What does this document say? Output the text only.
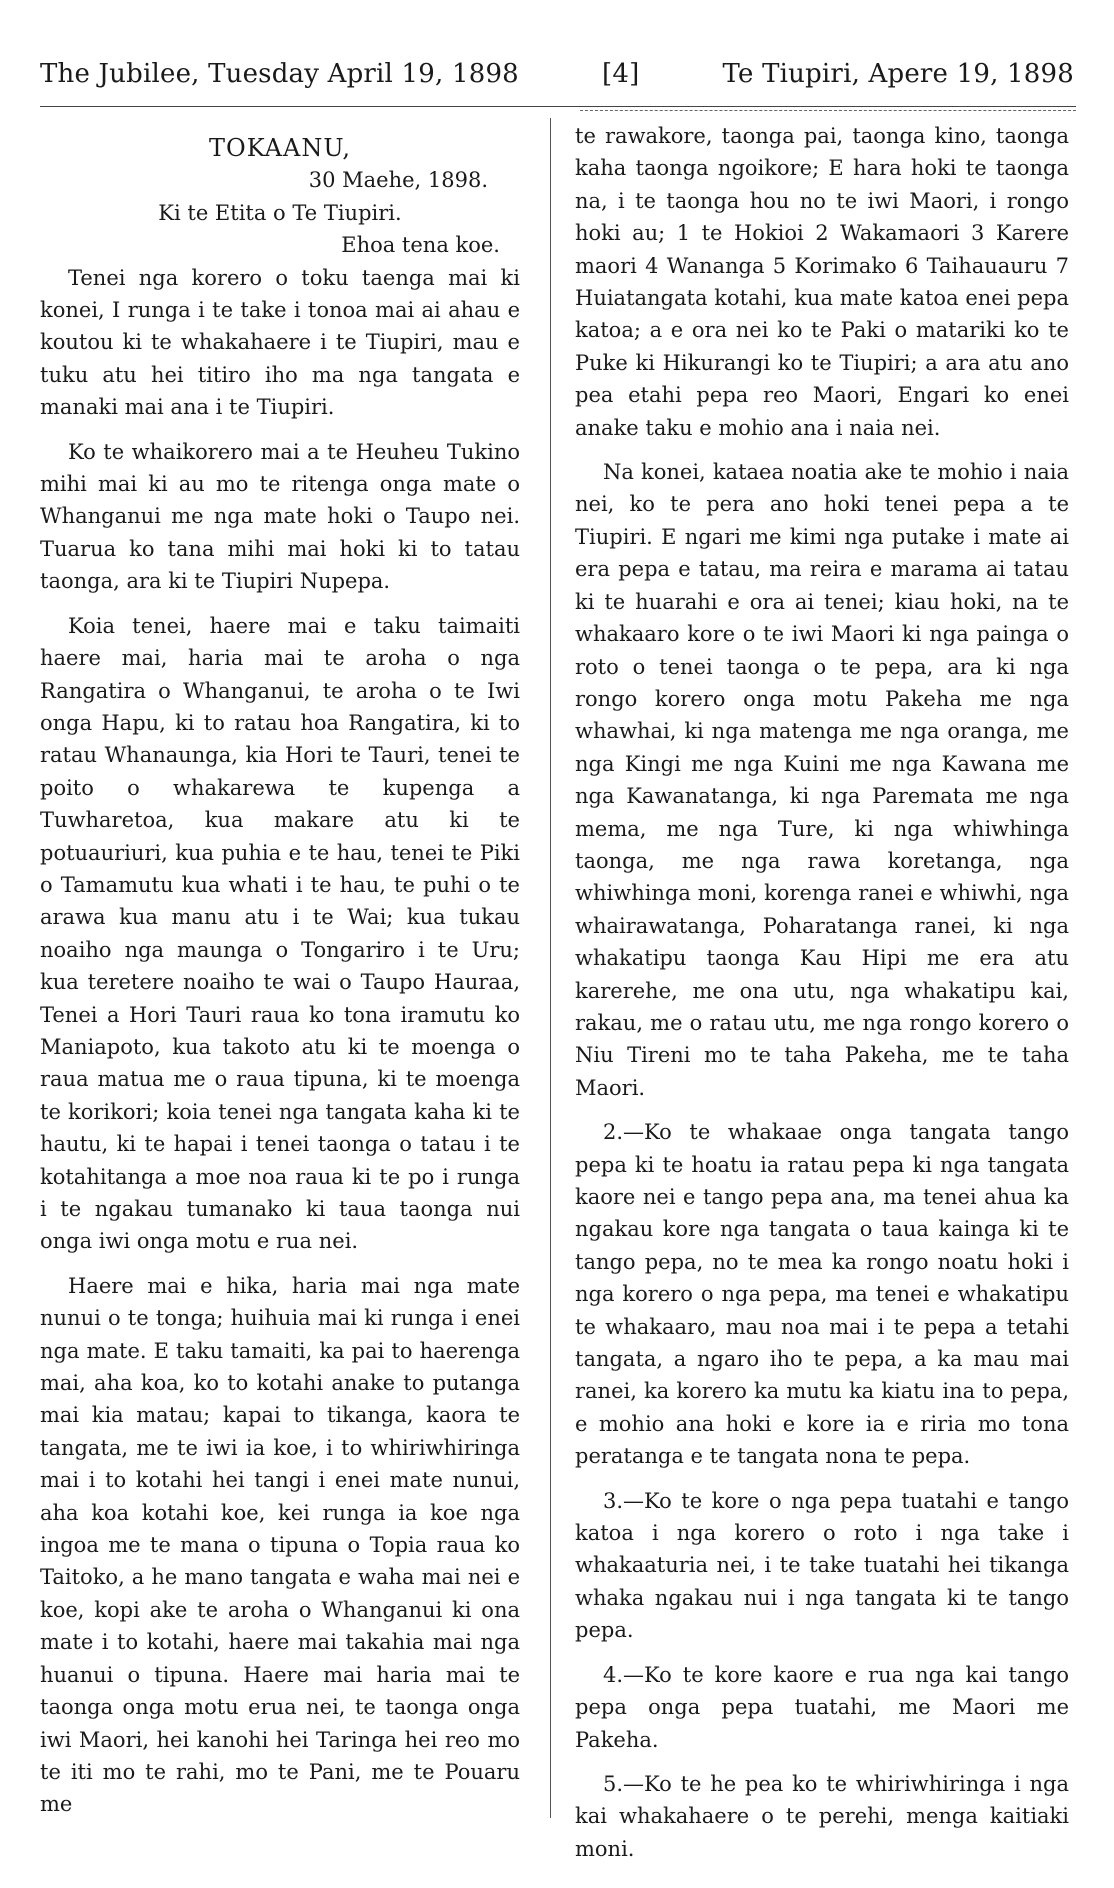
The Jubilee, Tuesday April 19, 1898	[4]	Te Tiupiri, Apere 19, 1898
TOKAANU,
30 Maehe, 1898.
Ki te Etita o Te Tiupiri.
Ehoa tena koe.

Tenei nga korero o toku taenga mai ki konei, I runga i te take i tonoa mai ai ahau e koutou ki te whakahaere i te Tiupiri, mau e tuku atu hei titiro iho ma nga tangata e manaki mai ana i te Tiupiri.

Ko te whaikorero mai a te Heuheu Tukino mihi mai ki au mo te ritenga onga mate o Whanganui me nga mate hoki o Taupo nei. Tuarua ko tana mihi mai hoki ki to tatau taonga, ara ki te Tiupiri Nupepa.

Koia tenei, haere mai e taku taimaiti haere mai, haria mai te aroha o nga Rangatira o Whanganui, te aroha o te Iwi onga Hapu, ki to ratau hoa Rangatira, ki to ratau Whanaunga, kia Hori te Tauri, tenei te poito o whakarewa te kupenga a Tuwharetoa, kua makare atu ki te potuauriuri, kua puhia e te hau, tenei te Piki o Tamamutu kua whati i te hau, te puhi o te arawa kua manu atu i te Wai; kua tukau noaiho nga maunga o Tongariro i te Uru; kua teretere noaiho te wai o Taupo Hauraa, Tenei a Hori Tauri raua ko tona iramutu ko Maniapoto, kua takoto atu ki te moenga o raua matua me o raua tipuna, ki te moenga te korikori; koia tenei nga tangata kaha ki te hautu, ki te hapai i tenei taonga o tatau i te kotahitanga a moe noa raua ki te po i runga i te ngakau tumanako ki taua taonga nui onga iwi onga motu e rua nei.

Haere mai e hika, haria mai nga mate nunui o te tonga; huihuia mai ki runga i enei nga mate. E taku tamaiti, ka pai to haerenga mai, aha koa, ko to kotahi anake to putanga mai kia matau; kapai to tikanga, kaora te tangata, me te iwi ia koe, i to whiriwhiringa mai i to kotahi hei tangi i enei mate nunui, aha koa kotahi koe, kei runga ia koe nga ingoa me te mana o tipuna o Topia raua ko Taitoko, a he mano tangata e waha mai nei e koe, kopi ake te aroha o Whanganui ki ona mate i to kotahi, haere mai takahia mai nga huanui o tipuna. Haere mai haria mai te taonga onga motu erua nei, te taonga onga iwi Maori, hei kanohi hei Taringa hei reo mo te iti mo te rahi, mo te Pani, me te Pouaru me

te rawakore, taonga pai, taonga kino, taonga kaha taonga ngoikore; E hara hoki te taonga na, i te taonga hou no te iwi Maori, i rongo hoki au; 1 te Hokioi 2 Wakamaori 3 Karere maori 4 Wananga 5 Korimako 6 Taihauauru 7 Huiatangata kotahi, kua mate katoa enei pepa katoa; a e ora nei ko te Paki o matariki ko te Puke ki Hikurangi ko te Tiupiri; a ara atu ano pea etahi pepa reo Maori, Engari ko enei anake taku e mohio ana i naia nei.

Na konei, kataea noatia ake te mohio i naia nei, ko te pera ano hoki tenei pepa a te Tiupiri. E ngari me kimi nga putake i mate ai era pepa e tatau, ma reira e marama ai tatau ki te huarahi e ora ai tenei; kiau hoki, na te whakaaro kore o te iwi Maori ki nga painga o roto o tenei taonga o te pepa, ara ki nga rongo korero onga motu Pakeha me nga whawhai, ki nga matenga me nga oranga, me nga Kingi me nga Kuini me nga Kawana me nga Kawanatanga, ki nga Paremata me nga mema, me nga Ture, ki nga whiwhinga taonga, me nga rawa koretanga, nga whiwhinga moni, korenga ranei e whiwhi, nga whairawatanga, Poharatanga ranei, ki nga whakatipu taonga Kau Hipi me era atu karerehe, me ona utu, nga whakatipu kai, rakau, me o ratau utu, me nga rongo korero o Niu Tireni mo te taha Pakeha, me te taha Maori.

2.—Ko te whakaae onga tangata tango pepa ki te hoatu ia ratau pepa ki nga tangata kaore nei e tango pepa ana, ma tenei ahua ka ngakau kore nga tangata o taua kainga ki te tango pepa, no te mea ka rongo noatu hoki i nga korero o nga pepa, ma tenei e whakatipu te whakaaro, mau noa mai i te pepa a tetahi tangata, a ngaro iho te pepa, a ka mau mai ranei, ka korero ka mutu ka kiatu ina to pepa, e mohio ana hoki e kore ia e riria mo tona peratanga e te tangata nona te pepa.

3.—Ko te kore o nga pepa tuatahi e tango katoa i nga korero o roto i nga take i whakaaturia nei, i te take tuatahi hei tikanga whaka ngakau nui i nga tangata ki te tango pepa.

4.—Ko te kore kaore e rua nga kai tango pepa onga pepa tuatahi, me Maori me Pakeha.

5.—Ko te he pea ko te whiriwhiringa i nga kai whakahaere o te perehi, menga kaitiaki moni.
